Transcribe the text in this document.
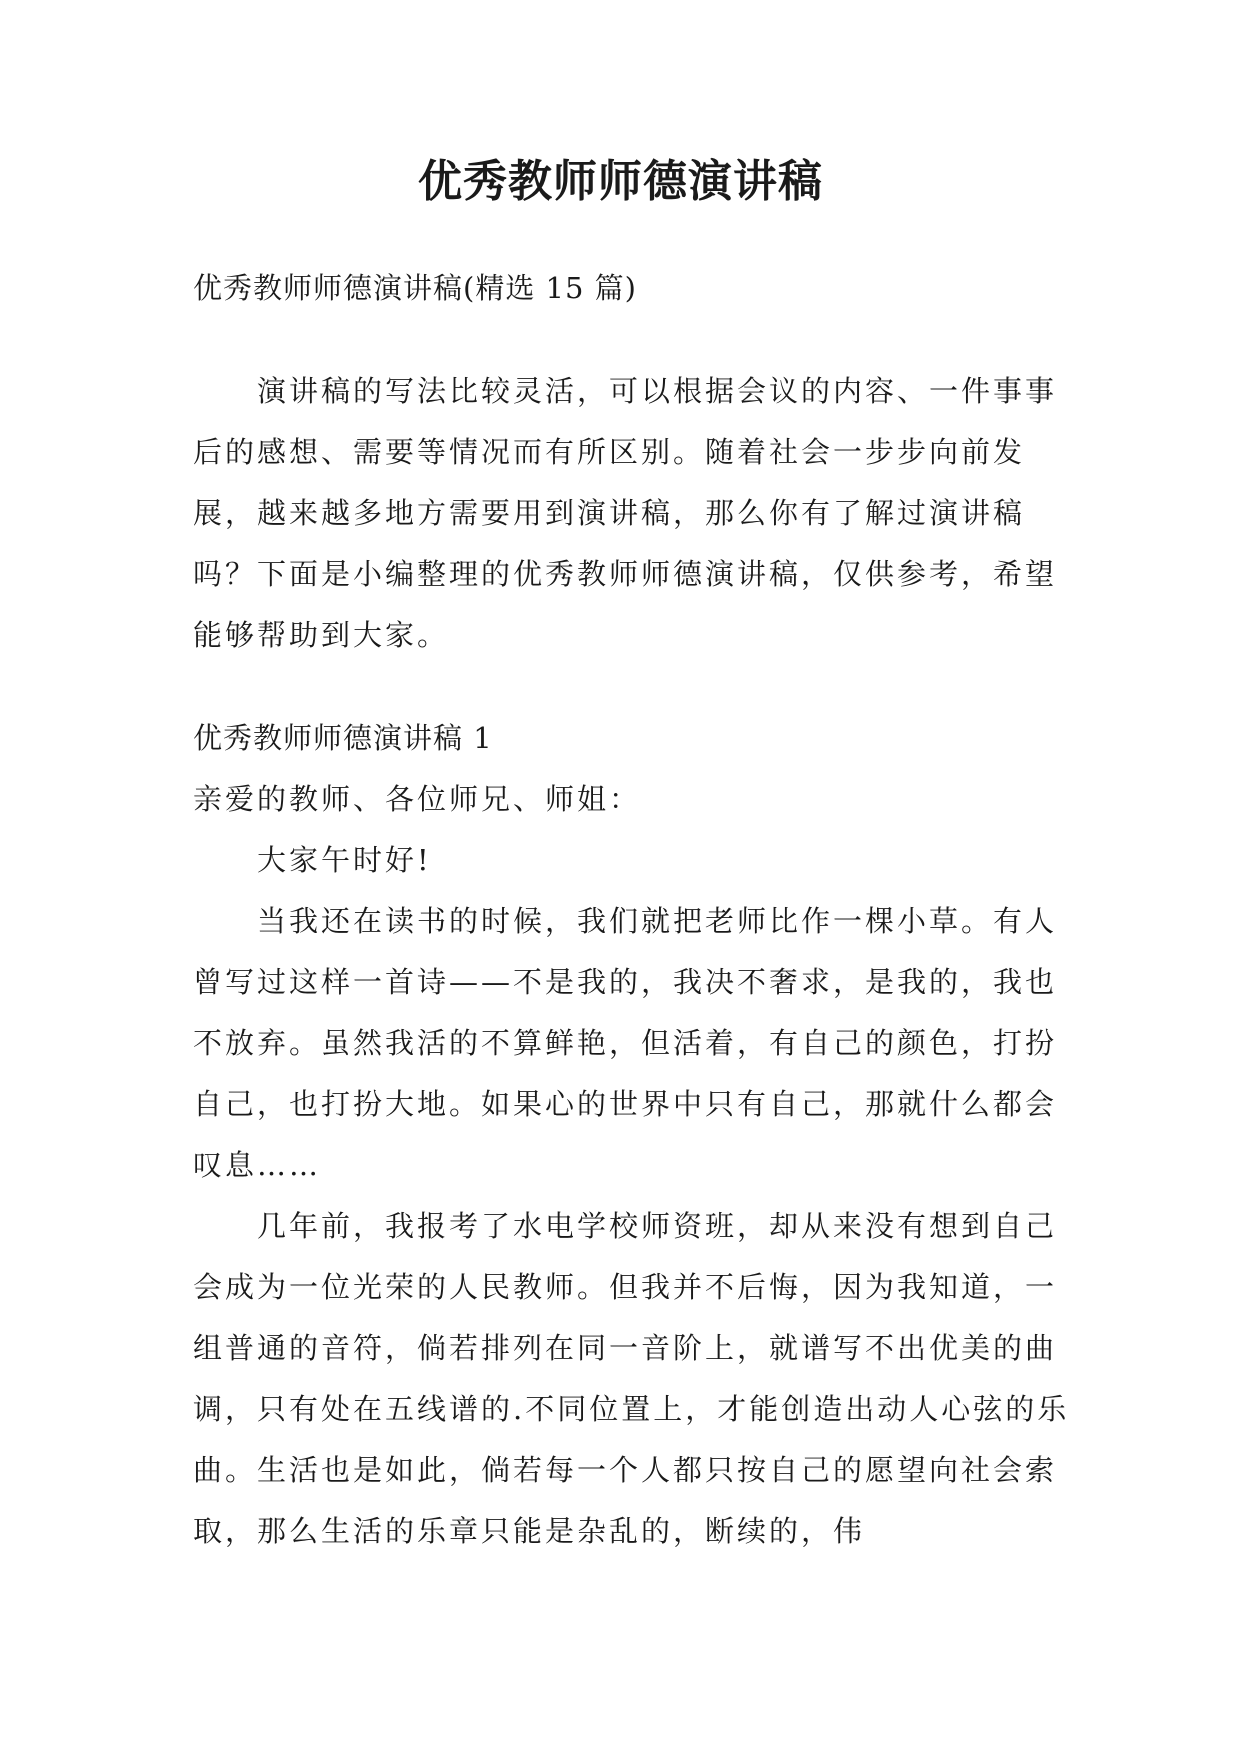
优秀教师师德演讲稿

优秀教师师德演讲稿(精选 15 篇)

演讲稿的写法比较灵活，可以根据会议的内容、一件事事后的感想、需要等情况而有所区别。随着社会一步步向前发展，越来越多地方需要用到演讲稿，那么你有了解过演讲稿吗？下面是小编整理的优秀教师师德演讲稿，仅供参考，希望能够帮助到大家。

优秀教师师德演讲稿 1

亲爱的教师、各位师兄、师姐：

大家午时好!

当我还在读书的时候，我们就把老师比作一棵小草。有人曾写过这样一首诗——不是我的，我决不奢求，是我的，我也不放弃。虽然我活的不算鲜艳，但活着，有自己的颜色，打扮自己，也打扮大地。如果心的世界中只有自己，那就什么都会叹息……

几年前，我报考了水电学校师资班，却从来没有想到自己会成为一位光荣的人民教师。但我并不后悔，因为我知道，一组普通的音符，倘若排列在同一音阶上，就谱写不出优美的曲调，只有处在五线谱的.不同位置上，才能创造出动人心弦的乐曲。生活也是如此，倘若每一个人都只按自己的愿望向社会索取，那么生活的乐章只能是杂乱的，断续的，伟
